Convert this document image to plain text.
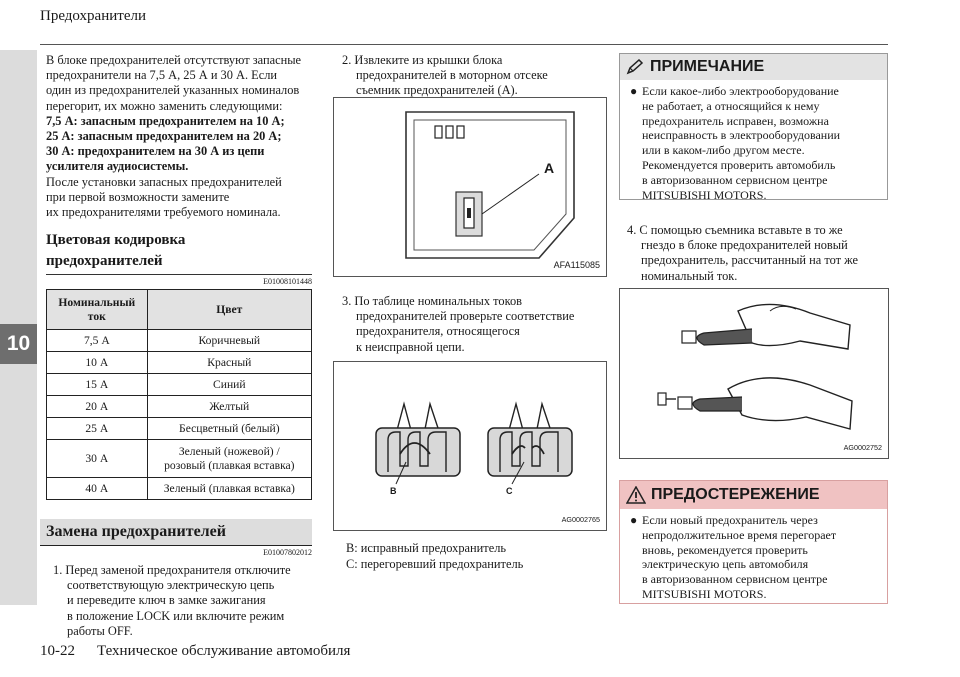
Предохранители
10
В блоке предохранителей отсутствуют запасные
предохранители на 7,5 А, 25 А и 30 А. Если
один из предохранителей указанных номиналов
перегорит, их можно заменить следующими:
7,5 А: запасным предохранителем на 10 А;
25 А: запасным предохранителем на 20 А;
30 А: предохранителем на 30 А из цепи
усилителя аудиосистемы.
После установки запасных предохранителей
при первой возможности замените
их предохранителями требуемого номинала.
Цветовая кодировка
предохранителей
E01008101448
Номинальный
ток	Цвет
7,5 А	Коричневый
10 А	Красный
15 А	Синий
20 А	Желтый
25 А	Бесцветный (белый)
30 А	Зеленый (ножевой) /
розовый (плавкая вставка)
40 А	Зеленый (плавкая вставка)
Замена предохранителей
E01007802012
1. Перед заменой предохранителя отключите
соответствующую электрическую цепь
и переведите ключ в замке зажигания
в положение LOCK или включите режим
работы OFF.
2. Извлеките из крышки блока
предохранителей в моторном отсеке
съемник предохранителей (A).
A
AFA115085
3. По таблице номинальных токов
предохранителей проверьте соответствие
предохранителя, относящегося
к неисправной цепи.
B	C
AG0002765
B: исправный предохранитель
C: перегоревший предохранитель
ПРИМЕЧАНИЕ
● Если какое-либо электрооборудование
не работает, а относящийся к нему
предохранитель исправен, возможна
неисправность в электрооборудовании
или в каком-либо другом месте.
Рекомендуется проверить автомобиль
в авторизованном сервисном центре
MITSUBISHI MOTORS.
4. С помощью съемника вставьте в то же
гнездо в блоке предохранителей новый
предохранитель, рассчитанный на тот же
номинальный ток.
AG0002752
ПРЕДОСТЕРЕЖЕНИЕ
● Если новый предохранитель через
непродолжительное время перегорает
вновь, рекомендуется проверить
электрическую цепь автомобиля
в авторизованном сервисном центре
MITSUBISHI MOTORS.
10-22 Техническое обслуживание автомобиля
